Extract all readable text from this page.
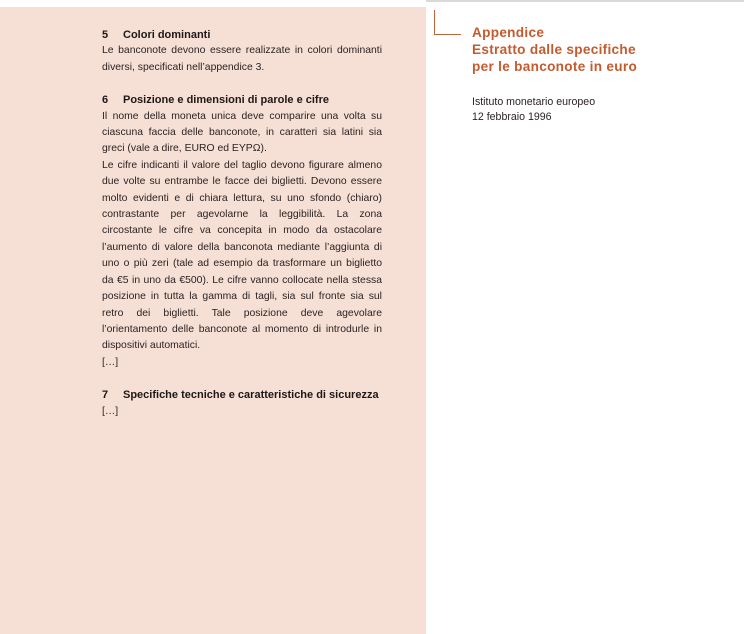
5	Colori dominanti

Le banconote devono essere realizzate in colori dominanti diversi, specificati nell’appendice 3.

6	Posizione e dimensioni di parole e cifre

Il nome della moneta unica deve comparire una volta su ciascuna faccia delle banconote, in caratteri sia latini sia greci (vale a dire, EURO ed EYPΩ).

Le cifre indicanti il valore del taglio devono figurare almeno due volte su entrambe le facce dei biglietti. Devono essere molto evidenti e di chiara lettura, su uno sfondo (chiaro) contrastante per agevolarne la leggibilità. La zona circostante le cifre va concepita in modo da ostacolare l’aumento di valore della banconota mediante l’aggiunta di uno o più zeri (tale ad esempio da trasformare un biglietto da €5 in uno da €500). Le cifre vanno collocate nella stessa posizione in tutta la gamma di tagli, sia sul fronte sia sul retro dei biglietti. Tale posizione deve agevolare l’orientamento delle banconote al momento di introdurle in dispositivi automatici.

[…]

7	Specifiche tecniche e caratteristiche di sicurezza

[…]

Appendice
Estratto dalle specifiche
per le banconote in euro
Istituto monetario europeo
12 febbraio 1996
